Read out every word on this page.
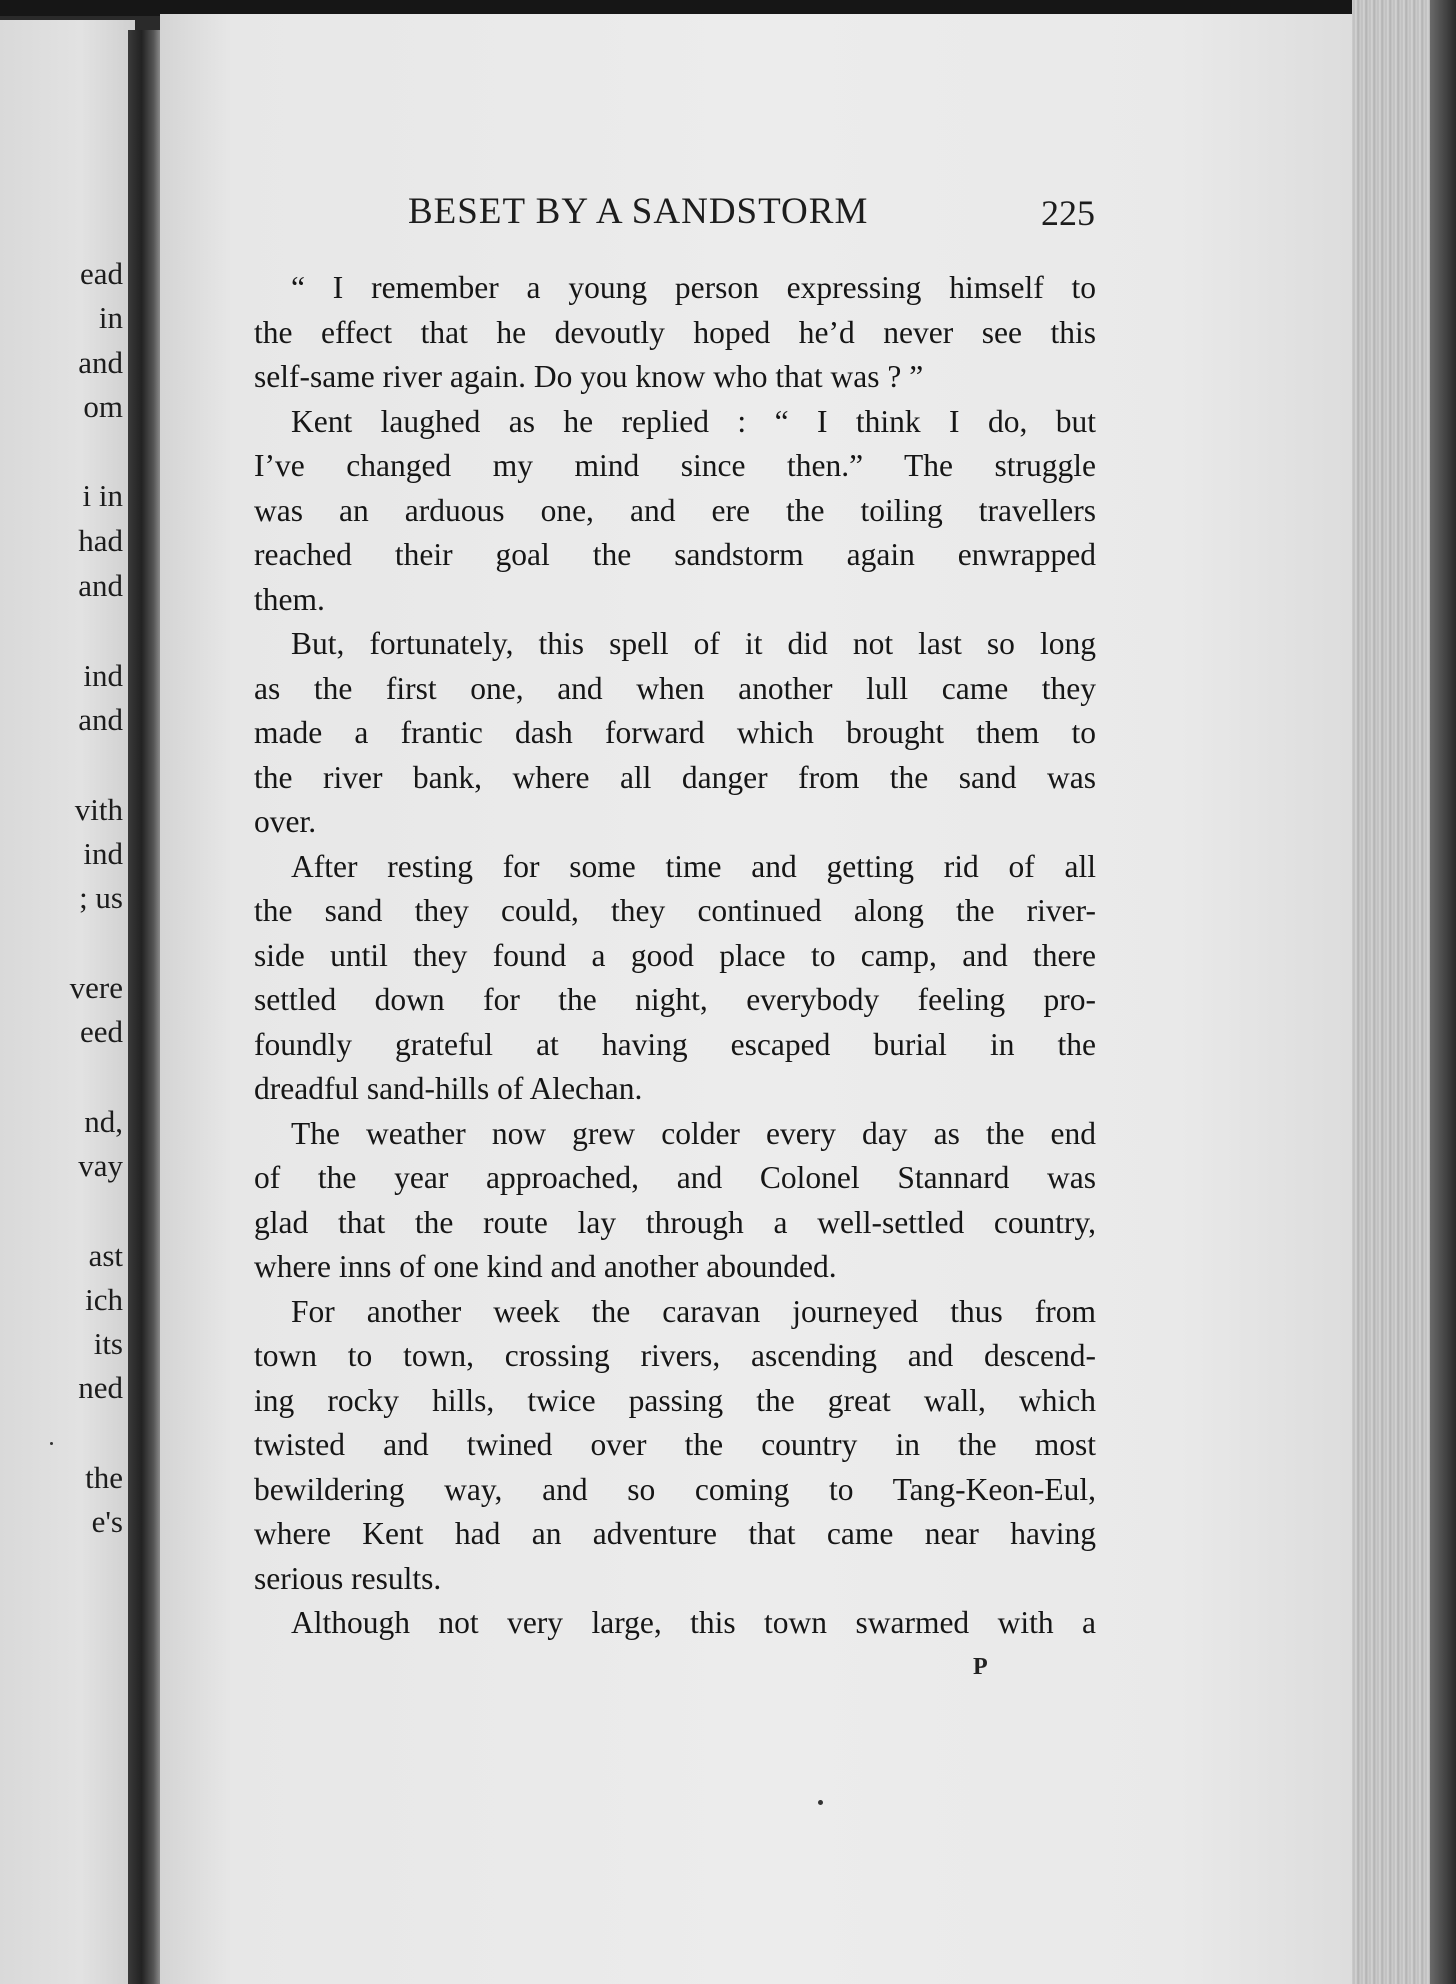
ead
in
and
om
i in
had
and
ind
and
vith
ind
; us
vere
eed
nd,
vay
ast
ich
its
ned
the
e's
BESET BY A SANDSTORM	225
“ I remember a young person expressing himself to
the effect that he devoutly hoped he’d never see this
self-same river again. Do you know who that was ? ”
Kent laughed as he replied : “ I think I do, but
I’ve changed my mind since then.” The struggle
was an arduous one, and ere the toiling travellers
reached their goal the sandstorm again enwrapped
them.
But, fortunately, this spell of it did not last so long
as the first one, and when another lull came they
made a frantic dash forward which brought them to
the river bank, where all danger from the sand was
over.
After resting for some time and getting rid of all
the sand they could, they continued along the river-
side until they found a good place to camp, and there
settled down for the night, everybody feeling pro-
foundly grateful at having escaped burial in the
dreadful sand-hills of Alechan.
The weather now grew colder every day as the end
of the year approached, and Colonel Stannard was
glad that the route lay through a well-settled country,
where inns of one kind and another abounded.
For another week the caravan journeyed thus from
town to town, crossing rivers, ascending and descend-
ing rocky hills, twice passing the great wall, which
twisted and twined over the country in the most
bewildering way, and so coming to Tang-Keon-Eul,
where Kent had an adventure that came near having
serious results.
Although not very large, this town swarmed with a
P
